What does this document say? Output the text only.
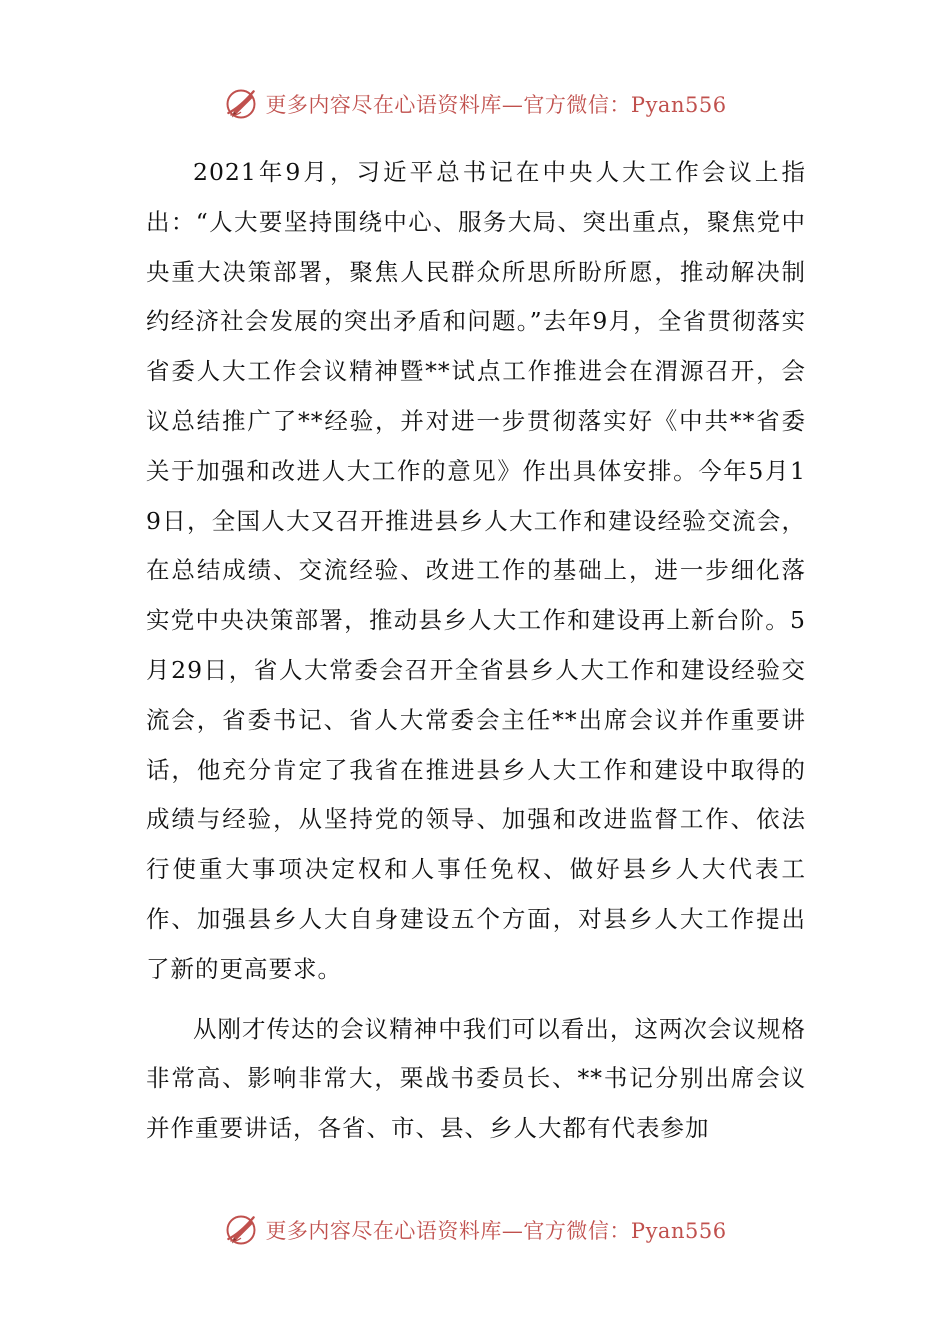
更多内容尽在心语资料库—官方微信：Pyan556

2021年9月，习近平总书记在中央人大工作会议上指出：“人大要坚持围绕中心、服务大局、突出重点，聚焦党中央重大决策部署，聚焦人民群众所思所盼所愿，推动解决制约经济社会发展的突出矛盾和问题。”去年9月，全省贯彻落实省委人大工作会议精神暨**试点工作推进会在渭源召开，会议总结推广了**经验，并对进一步贯彻落实好《中共**省委关于加强和改进人大工作的意见》作出具体安排。今年5月19日，全国人大又召开推进县乡人大工作和建设经验交流会，在总结成绩、交流经验、改进工作的基础上，进一步细化落实党中央决策部署，推动县乡人大工作和建设再上新台阶。5月29日，省人大常委会召开全省县乡人大工作和建设经验交流会，省委书记、省人大常委会主任**出席会议并作重要讲话，他充分肯定了我省在推进县乡人大工作和建设中取得的成绩与经验，从坚持党的领导、加强和改进监督工作、依法行使重大事项决定权和人事任免权、做好县乡人大代表工作、加强县乡人大自身建设五个方面，对县乡人大工作提出了新的更高要求。

从刚才传达的会议精神中我们可以看出，这两次会议规格非常高、影响非常大，栗战书委员长、**书记分别出席会议并作重要讲话，各省、市、县、乡人大都有代表参加

更多内容尽在心语资料库—官方微信：Pyan556
